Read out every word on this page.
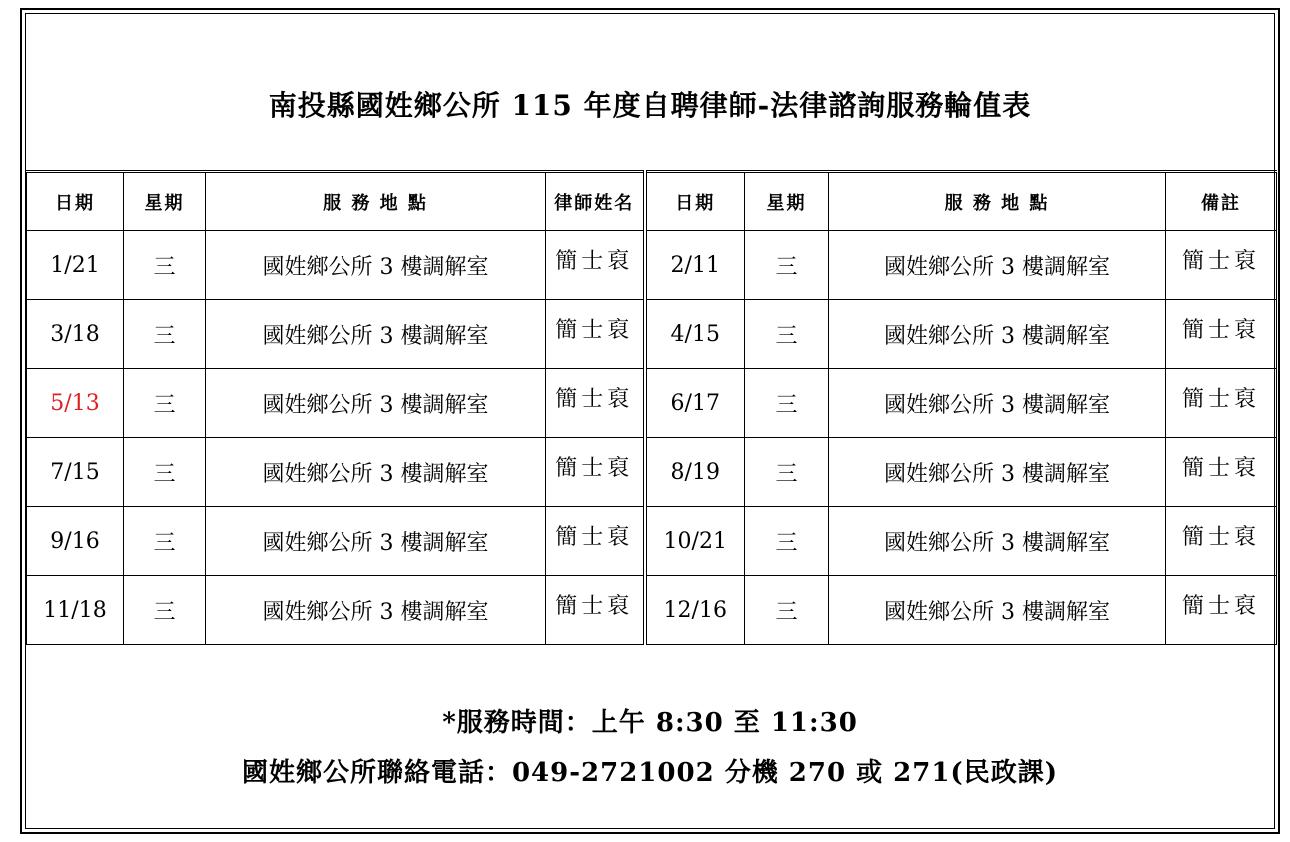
南投縣國姓鄉公所 115 年度自聘律師-法律諮詢服務輪值表
日期	星期	服 務 地 點	律師姓名	日期	星期	服 務 地 點	備註
1/21	三	國姓鄉公所 3 樓調解室	簡士裒	2/11	三	國姓鄉公所 3 樓調解室	簡士裒
3/18	三	國姓鄉公所 3 樓調解室	簡士裒	4/15	三	國姓鄉公所 3 樓調解室	簡士裒
5/13	三	國姓鄉公所 3 樓調解室	簡士裒	6/17	三	國姓鄉公所 3 樓調解室	簡士裒
7/15	三	國姓鄉公所 3 樓調解室	簡士裒	8/19	三	國姓鄉公所 3 樓調解室	簡士裒
9/16	三	國姓鄉公所 3 樓調解室	簡士裒	10/21	三	國姓鄉公所 3 樓調解室	簡士裒
11/18	三	國姓鄉公所 3 樓調解室	簡士裒	12/16	三	國姓鄉公所 3 樓調解室	簡士裒
*服務時間：上午 8:30 至 11:30
國姓鄉公所聯絡電話：049-2721002 分機 270 或 271(民政課)
